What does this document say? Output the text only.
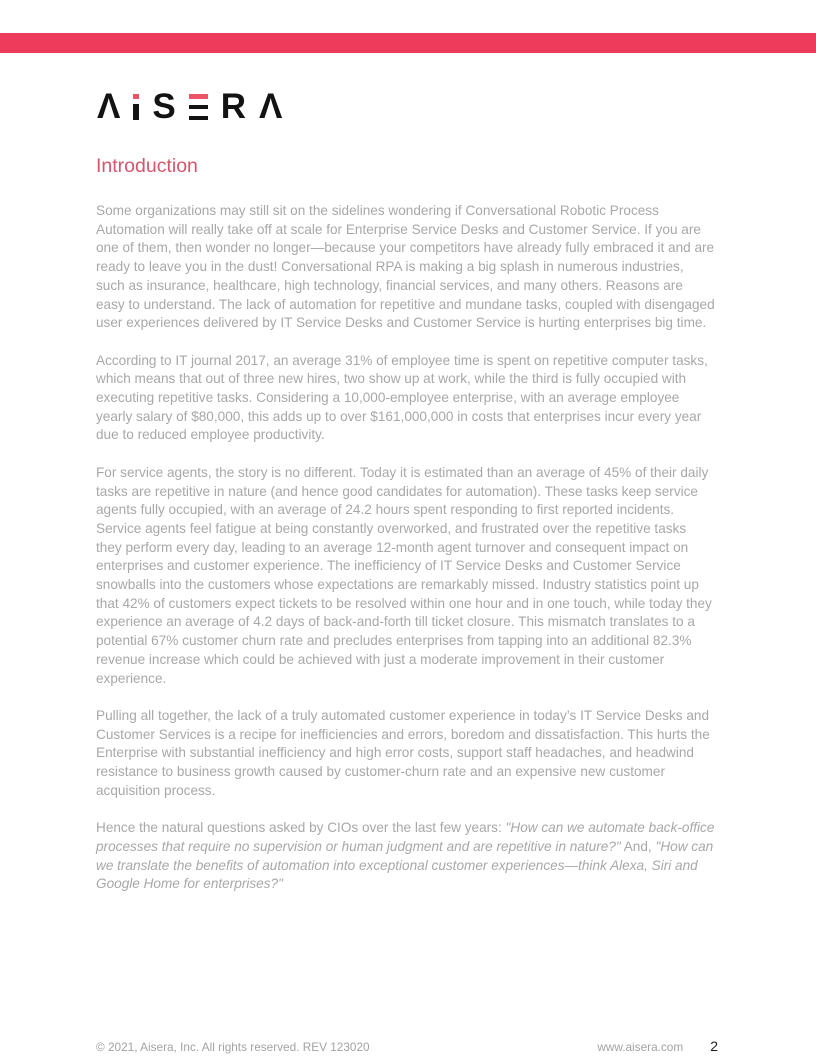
Λ S R Λ
Introduction

Some organizations may still sit on the sidelines wondering if Conversational Robotic Process Automation will really take off at scale for Enterprise Service Desks and Customer Service. If you are one of them, then wonder no longer—because your competitors have already fully embraced it and are ready to leave you in the dust! Conversational RPA is making a big splash in numerous industries, such as insurance, healthcare, high technology, financial services, and many others. Reasons are easy to understand. The lack of automation for repetitive and mundane tasks, coupled with disengaged user experiences delivered by IT Service Desks and Customer Service is hurting enterprises big time.

According to IT journal 2017, an average 31% of employee time is spent on repetitive computer tasks, which means that out of three new hires, two show up at work, while the third is fully occupied with executing repetitive tasks. Considering a 10,000-employee enterprise, with an average employee yearly salary of $80,000, this adds up to over $161,000,000 in costs that enterprises incur every year due to reduced employee productivity.

For service agents, the story is no different. Today it is estimated than an average of 45% of their daily tasks are repetitive in nature (and hence good candidates for automation). These tasks keep service agents fully occupied, with an average of 24.2 hours spent responding to first reported incidents. Service agents feel fatigue at being constantly overworked, and frustrated over the repetitive tasks they perform every day, leading to an average 12-month agent turnover and consequent impact on enterprises and customer experience. The inefficiency of IT Service Desks and Customer Service snowballs into the customers whose expectations are remarkably missed. Industry statistics point up that 42% of customers expect tickets to be resolved within one hour and in one touch, while today they experience an average of 4.2 days of back-and-forth till ticket closure. This mismatch translates to a potential 67% customer churn rate and precludes enterprises from tapping into an additional 82.3% revenue increase which could be achieved with just a moderate improvement in their customer experience.

Pulling all together, the lack of a truly automated customer experience in today’s IT Service Desks and Customer Services is a recipe for inefficiencies and errors, boredom and dissatisfaction. This hurts the Enterprise with substantial inefficiency and high error costs, support staff headaches, and headwind resistance to business growth caused by customer-churn rate and an expensive new customer acquisition process.

Hence the natural questions asked by CIOs over the last few years: "How can we automate back-office processes that require no supervision or human judgment and are repetitive in nature?" And, "How can we translate the benefits of automation into exceptional customer experiences—think Alexa, Siri and Google Home for enterprises?"

© 2021, Aisera, Inc. All rights reserved. REV 123020	www.aisera.com 2
